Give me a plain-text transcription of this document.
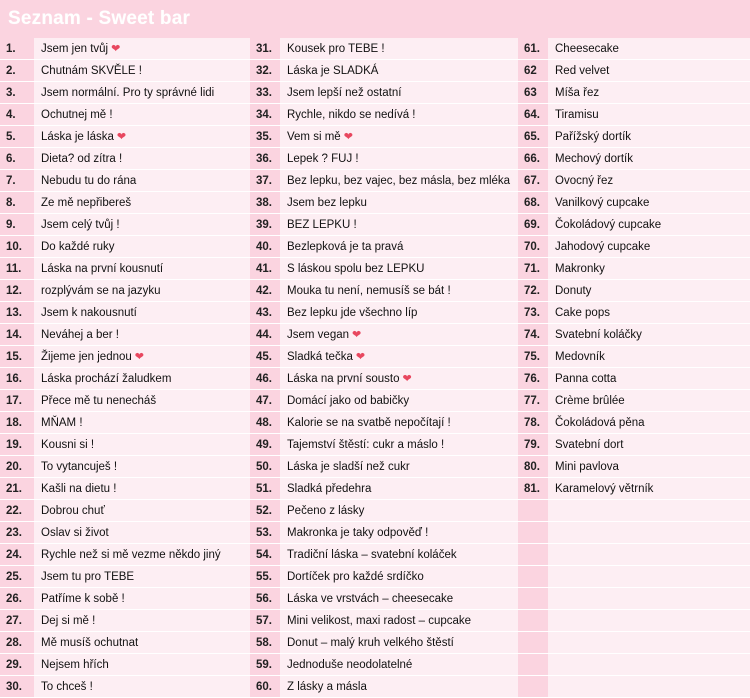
Seznam - Sweet bar
1.	Jsem jen tvůj ❤
2.	Chutnám SKVĚLE !
3.	Jsem normální. Pro ty správné lidi
4.	Ochutnej mě !
5.	Láska je láska ❤
6.	Dieta? od zítra !
7.	Nebudu tu do rána
8.	Ze mě nepřibereš
9.	Jsem celý tvůj !
10.	Do každé ruky
11.	Láska na první kousnutí
12.	rozplývám se na jazyku
13.	Jsem k nakousnutí
14.	Neváhej a ber !
15.	Žijeme jen jednou ❤
16.	Láska prochází žaludkem
17.	Přece mě tu nenecháš
18.	MŇAM !
19.	Kousni si !
20.	To vytancuješ !
21.	Kašli na dietu !
22.	Dobrou chuť
23.	Oslav si život
24.	Rychle než si mě vezme někdo jiný
25.	Jsem tu pro TEBE
26.	Patříme k sobě !
27.	Dej si mě !
28.	Mě musíš ochutnat
29.	Nejsem hřích
30.	To chceš !
31.	Kousek pro TEBE !
32.	Láska je SLADKÁ
33.	Jsem lepší než ostatní
34.	Rychle, nikdo se nedívá !
35.	Vem si mě ❤
36.	Lepek ? FUJ !
37.	Bez lepku, bez vajec, bez másla, bez mléka
38.	Jsem bez lepku
39.	BEZ LEPKU !
40.	Bezlepková je ta pravá
41.	S láskou spolu bez LEPKU
42.	Mouka tu není, nemusíš se bát !
43.	Bez lepku jde všechno líp
44.	Jsem vegan ❤
45.	Sladká tečka ❤
46.	Láska na první sousto ❤
47.	Domácí jako od babičky
48.	Kalorie se na svatbě nepočítají !
49.	Tajemství štěstí: cukr a máslo !
50.	Láska je sladší než cukr
51.	Sladká předehra
52.	Pečeno z lásky
53.	Makronka je taky odpověď !
54.	Tradiční láska – svatební koláček
55.	Dortíček pro každé srdíčko
56.	Láska ve vrstvách – cheesecake
57.	Mini velikost, maxi radost – cupcake
58.	Donut – malý kruh velkého štěstí
59.	Jednoduše neodolatelné
60.	Z lásky a másla
61.	Cheesecake
62	Red velvet
63	Míša řez
64.	Tiramisu
65.	Pařížský dortík
66.	Mechový dortík
67.	Ovocný řez
68.	Vanilkový cupcake
69.	Čokoládový cupcake
70.	Jahodový cupcake
71.	Makronky
72.	Donuty
73.	Cake pops
74.	Svatební koláčky
75.	Medovník
76.	Panna cotta
77.	Crème brûlée
78.	Čokoládová pěna
79.	Svatební dort
80.	Mini pavlova
81.	Karamelový větrník
